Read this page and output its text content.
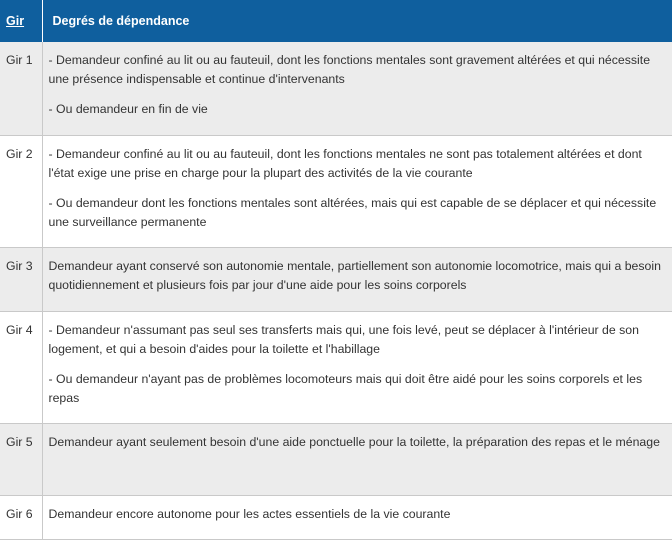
Gir	Degrés de dépendance
Gir 1	- Demandeur confiné au lit ou au fauteuil, dont les fonctions mentales sont gravement altérées et qui nécessite une présence indispensable et continue d'intervenants

- Ou demandeur en fin de vie

Gir 2	- Demandeur confiné au lit ou au fauteuil, dont les fonctions mentales ne sont pas totalement altérées et dont l'état exige une prise en charge pour la plupart des activités de la vie courante

- Ou demandeur dont les fonctions mentales sont altérées, mais qui est capable de se déplacer et qui nécessite une surveillance permanente

Gir 3	Demandeur ayant conservé son autonomie mentale, partiellement son autonomie locomotrice, mais qui a besoin quotidiennement et plusieurs fois par jour d'une aide pour les soins corporels

Gir 4	- Demandeur n'assumant pas seul ses transferts mais qui, une fois levé, peut se déplacer à l'intérieur de son logement, et qui a besoin d'aides pour la toilette et l'habillage

- Ou demandeur n'ayant pas de problèmes locomoteurs mais qui doit être aidé pour les soins corporels et les repas

Gir 5	Demandeur ayant seulement besoin d'une aide ponctuelle pour la toilette, la préparation des repas et le ménage

Gir 6	Demandeur encore autonome pour les actes essentiels de la vie courante
